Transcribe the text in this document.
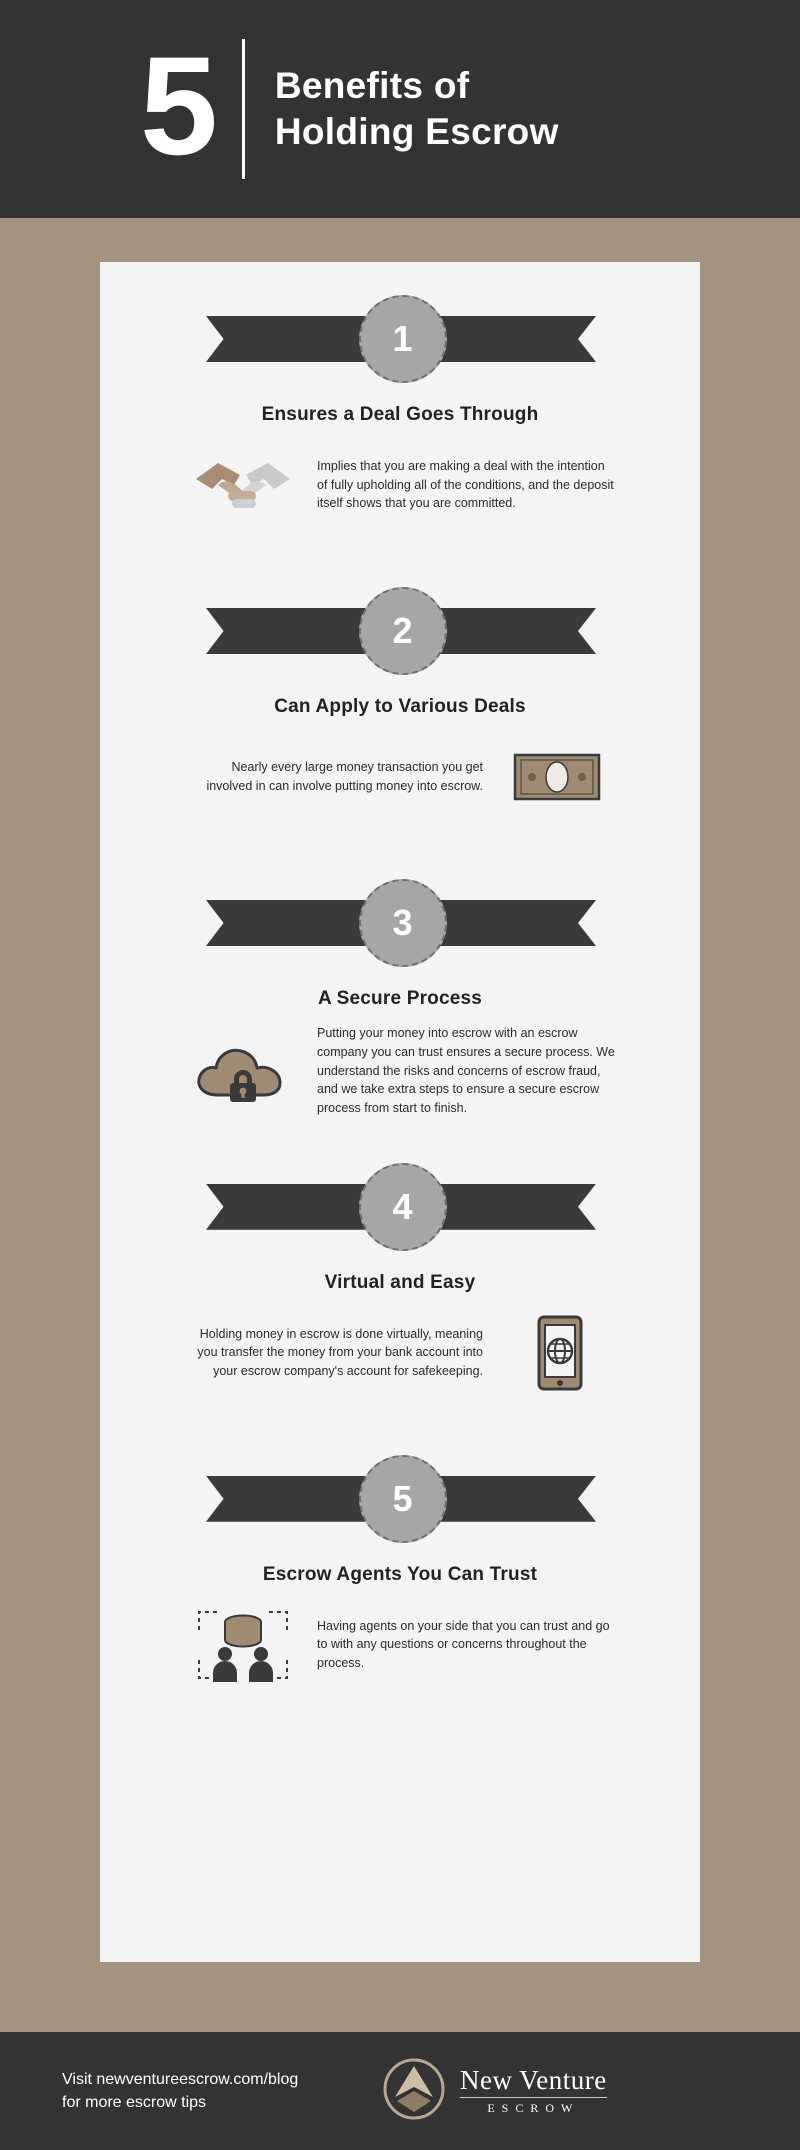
5 Benefits of
Holding Escrow
1
Ensures a Deal Goes Through
Implies that you are making a deal with the intention of fully upholding all of the conditions, and the deposit itself shows that you are committed.
2
Can Apply to Various Deals
Nearly every large money transaction you get involved in can involve putting money into escrow.
3
A Secure Process
Putting your money into escrow with an escrow company you can trust ensures a secure process. We understand the risks and concerns of escrow fraud, and we take extra steps to ensure a secure escrow process from start to finish.
4
Virtual and Easy
Holding money in escrow is done virtually, meaning you transfer the money from your bank account into your escrow company's account for safekeeping.
5
Escrow Agents You Can Trust
Having agents on your side that you can trust and go to with any questions or concerns throughout the process.
Visit newventureescrow.com/blog
for more escrow tips
New Venture
ESCROW
